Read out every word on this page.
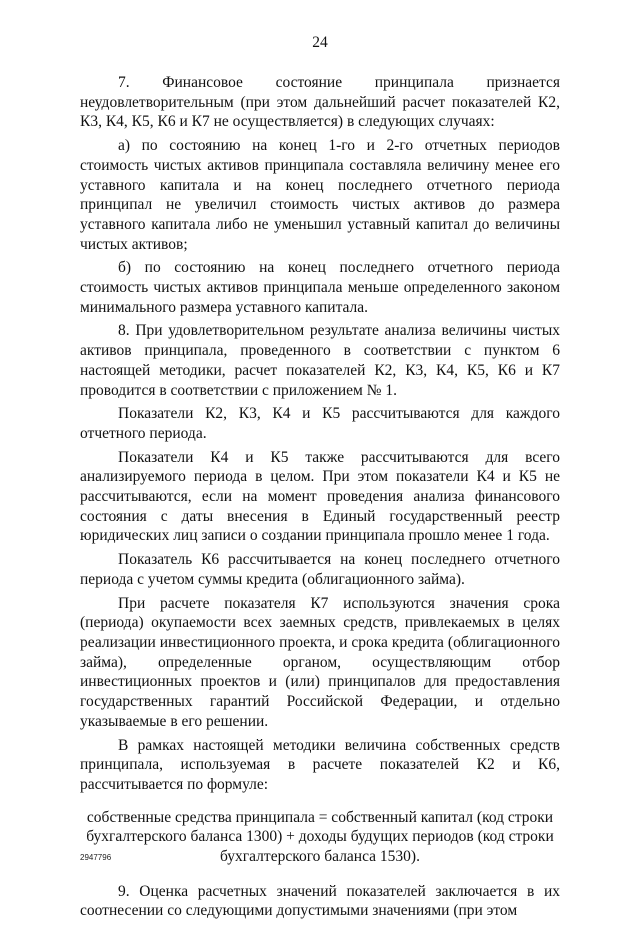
24

7. Финансовое состояние принципала признается неудовлетворительным (при этом дальнейший расчет показателей К2, К3, К4, К5, К6 и К7 не осуществляется) в следующих случаях:

а) по состоянию на конец 1-го и 2-го отчетных периодов стоимость чистых активов принципала составляла величину менее его уставного капитала и на конец последнего отчетного периода принципал не увеличил стоимость чистых активов до размера уставного капитала либо не уменьшил уставный капитал до величины чистых активов;

б) по состоянию на конец последнего отчетного периода стоимость чистых активов принципала меньше определенного законом минимального размера уставного капитала.

8. При удовлетворительном результате анализа величины чистых активов принципала, проведенного в соответствии с пунктом 6 настоящей методики, расчет показателей К2, К3, К4, К5, К6 и К7 проводится в соответствии с приложением № 1.

Показатели К2, К3, К4 и К5 рассчитываются для каждого отчетного периода.

Показатели К4 и К5 также рассчитываются для всего анализируемого периода в целом. При этом показатели К4 и К5 не рассчитываются, если на момент проведения анализа финансового состояния с даты внесения в Единый государственный реестр юридических лиц записи о создании принципала прошло менее 1 года.

Показатель К6 рассчитывается на конец последнего отчетного периода с учетом суммы кредита (облигационного займа).

При расчете показателя К7 используются значения срока (периода) окупаемости всех заемных средств, привлекаемых в целях реализации инвестиционного проекта, и срока кредита (облигационного займа), определенные органом, осуществляющим отбор инвестиционных проектов и (или) принципалов для предоставления государственных гарантий Российской Федерации, и отдельно указываемые в его решении.

В рамках настоящей методики величина собственных средств принципала, используемая в расчете показателей К2 и К6, рассчитывается по формуле:

собственные средства принципала = собственный капитал (код строки
бухгалтерского баланса 1300) + доходы будущих периодов (код строки
бухгалтерского баланса 1530).

9. Оценка расчетных значений показателей заключается в их соотнесении со следующими допустимыми значениями (при этом

2947796
